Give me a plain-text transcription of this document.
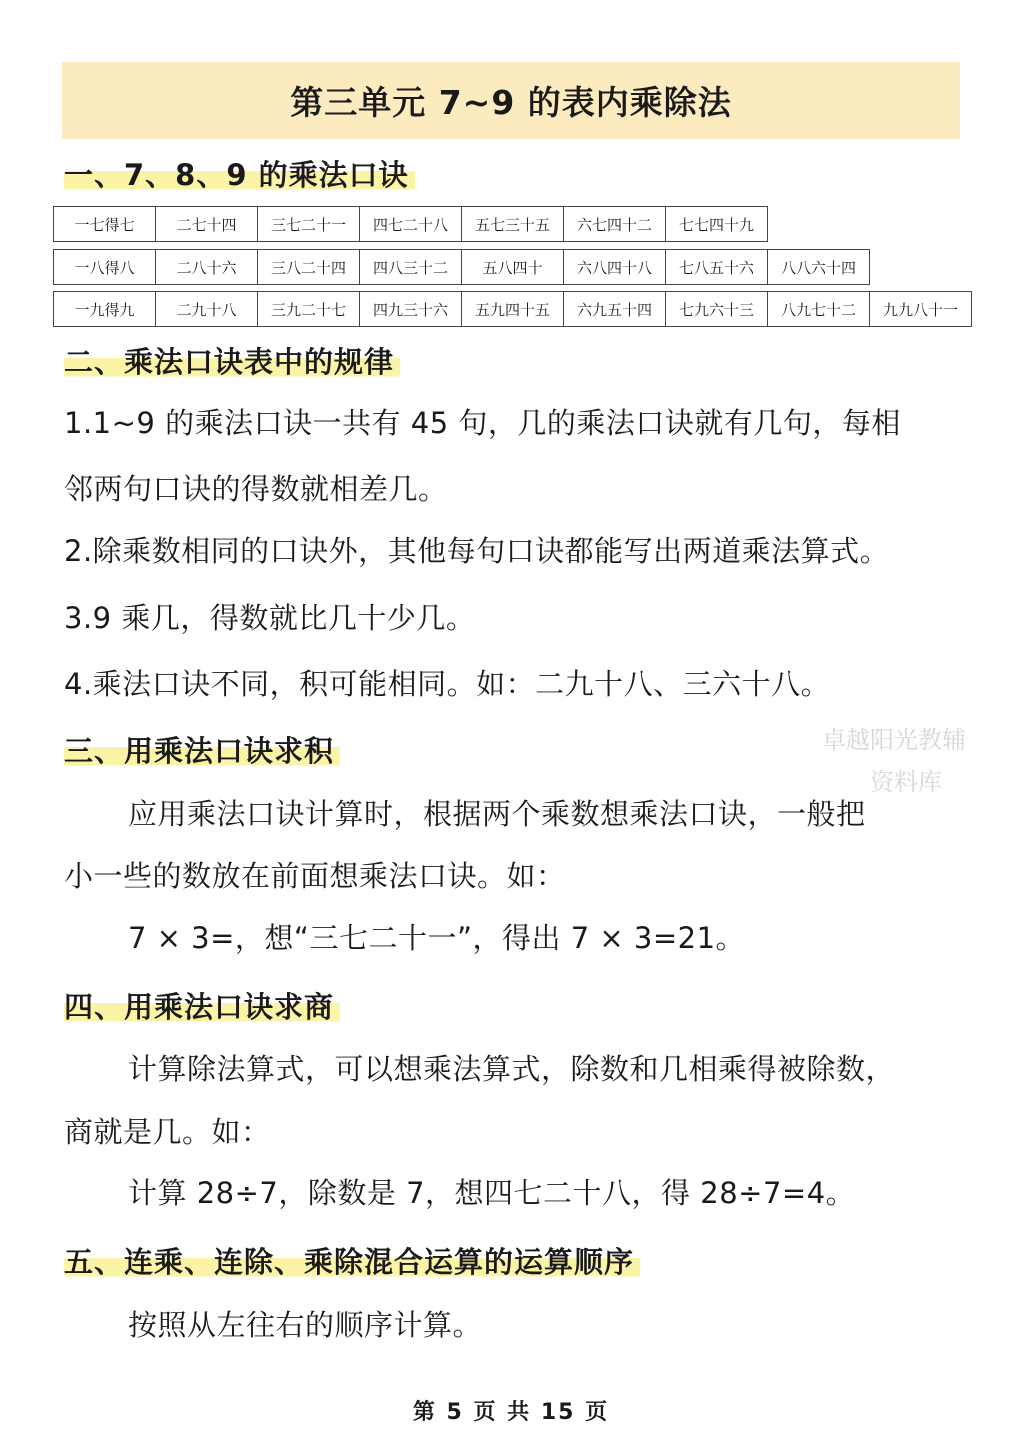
第三单元 7~9 的表内乘除法
一、7、8、9 的乘法口诀
一七得七	二七十四	三七二十一	四七二十八	五七三十五	六七四十二	七七四十九
一八得八	二八十六	三八二十四	四八三十二	五八四十	六八四十八	七八五十六	八八六十四
一九得九	二九十八	三九二十七	四九三十六	五九四十五	六九五十四	七九六十三	八九七十二	九九八十一
二、乘法口诀表中的规律
1.1~9 的乘法口诀一共有 45 句，几的乘法口诀就有几句，每相
邻两句口诀的得数就相差几。
2.除乘数相同的口诀外，其他每句口诀都能写出两道乘法算式。
3.9 乘几，得数就比几十少几。
4.乘法口诀不同，积可能相同。如：二九十八、三六十八。
卓越阳光教辅
资料库
三、用乘法口诀求积
应用乘法口诀计算时，根据两个乘数想乘法口诀，一般把
小一些的数放在前面想乘法口诀。如：
7 × 3=，想“三七二十一”，得出 7 × 3=21。
四、用乘法口诀求商
计算除法算式，可以想乘法算式，除数和几相乘得被除数，
商就是几。如：
计算 28÷7，除数是 7，想四七二十八，得 28÷7=4。
五、连乘、连除、乘除混合运算的运算顺序
按照从左往右的顺序计算。
第 5 页 共 15 页
